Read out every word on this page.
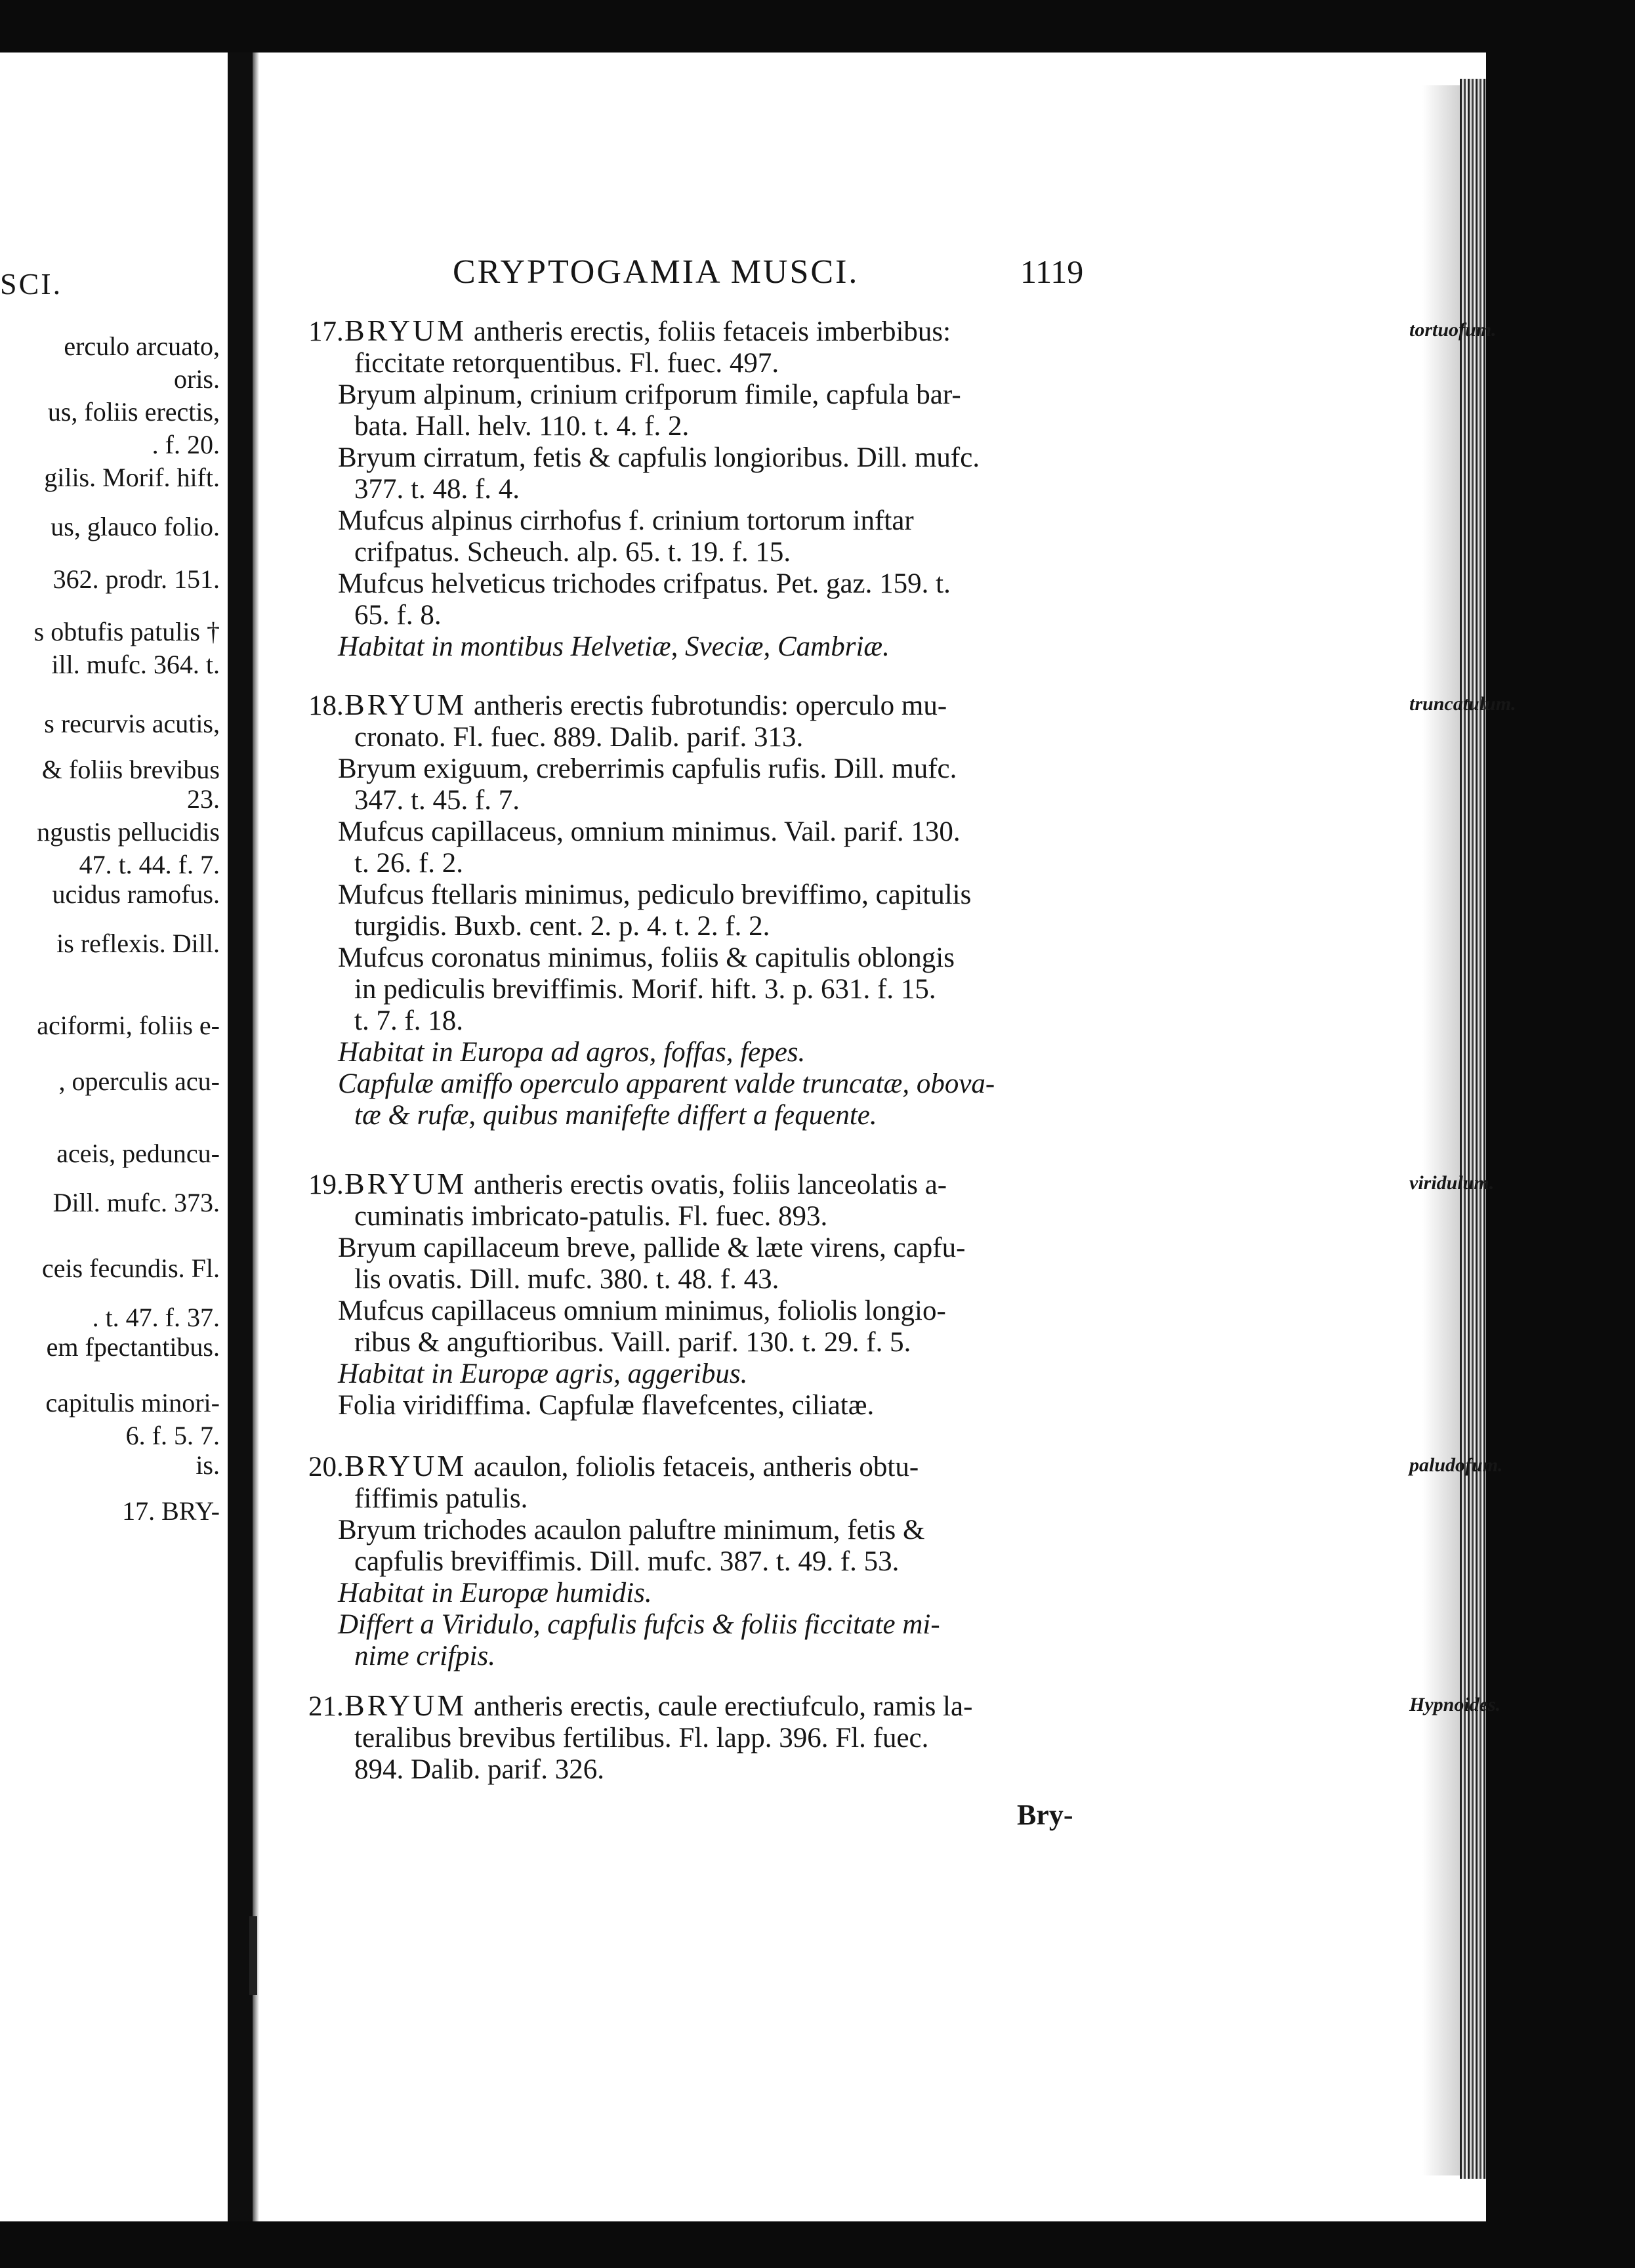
SCI.
erculo arcuato,
oris.
us, foliis erectis,
. f. 20.
gilis. Morif. hift.
us, glauco folio.
362. prodr. 151.
s obtufis patulis †
ill. mufc. 364. t.
s recurvis acutis,
& foliis brevibus
23.
ngustis pellucidis
47. t. 44. f. 7.
ucidus ramofus.
is reflexis. Dill.
aciformi, foliis e-
, operculis acu-
aceis, peduncu-
Dill. mufc. 373.
ceis fecundis. Fl.
. t. 47. f. 37.
em fpectantibus.
capitulis minori-
6. f. 5. 7.
is.
17. BRY-
CRYPTOGAMIA MUSCI.	1119
tortuofum.
17.BRYUM antheris erectis, foliis fetaceis imberbibus:
ficcitate retorquentibus. Fl. fuec. 497.
Bryum alpinum, crinium crifporum fimile, capfula bar-
bata. Hall. helv. 110. t. 4. f. 2.
Bryum cirratum, fetis & capfulis longioribus. Dill. mufc.
377. t. 48. f. 4.
Mufcus alpinus cirrhofus f. crinium tortorum inftar
crifpatus. Scheuch. alp. 65. t. 19. f. 15.
Mufcus helveticus trichodes crifpatus. Pet. gaz. 159. t.
65. f. 8.
Habitat in montibus Helvetiæ, Sveciæ, Cambriæ.
truncatulum.
18.BRYUM antheris erectis fubrotundis: operculo mu-
cronato. Fl. fuec. 889. Dalib. parif. 313.
Bryum exiguum, creberrimis capfulis rufis. Dill. mufc.
347. t. 45. f. 7.
Mufcus capillaceus, omnium minimus. Vail. parif. 130.
t. 26. f. 2.
Mufcus ftellaris minimus, pediculo breviffimo, capitulis
turgidis. Buxb. cent. 2. p. 4. t. 2. f. 2.
Mufcus coronatus minimus, foliis & capitulis oblongis
in pediculis breviffimis. Morif. hift. 3. p. 631. f. 15.
t. 7. f. 18.
Habitat in Europa ad agros, foffas, fepes.
Capfulæ amiffo operculo apparent valde truncatæ, obova-
tæ & rufæ, quibus manifefte differt a fequente.
viridulum.
19.BRYUM antheris erectis ovatis, foliis lanceolatis a-
cuminatis imbricato-patulis. Fl. fuec. 893.
Bryum capillaceum breve, pallide & læte virens, capfu-
lis ovatis. Dill. mufc. 380. t. 48. f. 43.
Mufcus capillaceus omnium minimus, foliolis longio-
ribus & anguftioribus. Vaill. parif. 130. t. 29. f. 5.
Habitat in Europæ agris, aggeribus.
Folia viridiffima. Capfulæ flavefcentes, ciliatæ.
paludofum.
20.BRYUM acaulon, foliolis fetaceis, antheris obtu-
fiffimis patulis.
Bryum trichodes acaulon paluftre minimum, fetis &
capfulis breviffimis. Dill. mufc. 387. t. 49. f. 53.
Habitat in Europæ humidis.
Differt a Viridulo, capfulis fufcis & foliis ficcitate mi-
nime crifpis.
Hypnoides.
21.BRYUM antheris erectis, caule erectiufculo, ramis la-
teralibus brevibus fertilibus. Fl. lapp. 396. Fl. fuec.
894. Dalib. parif. 326.
Bry-
